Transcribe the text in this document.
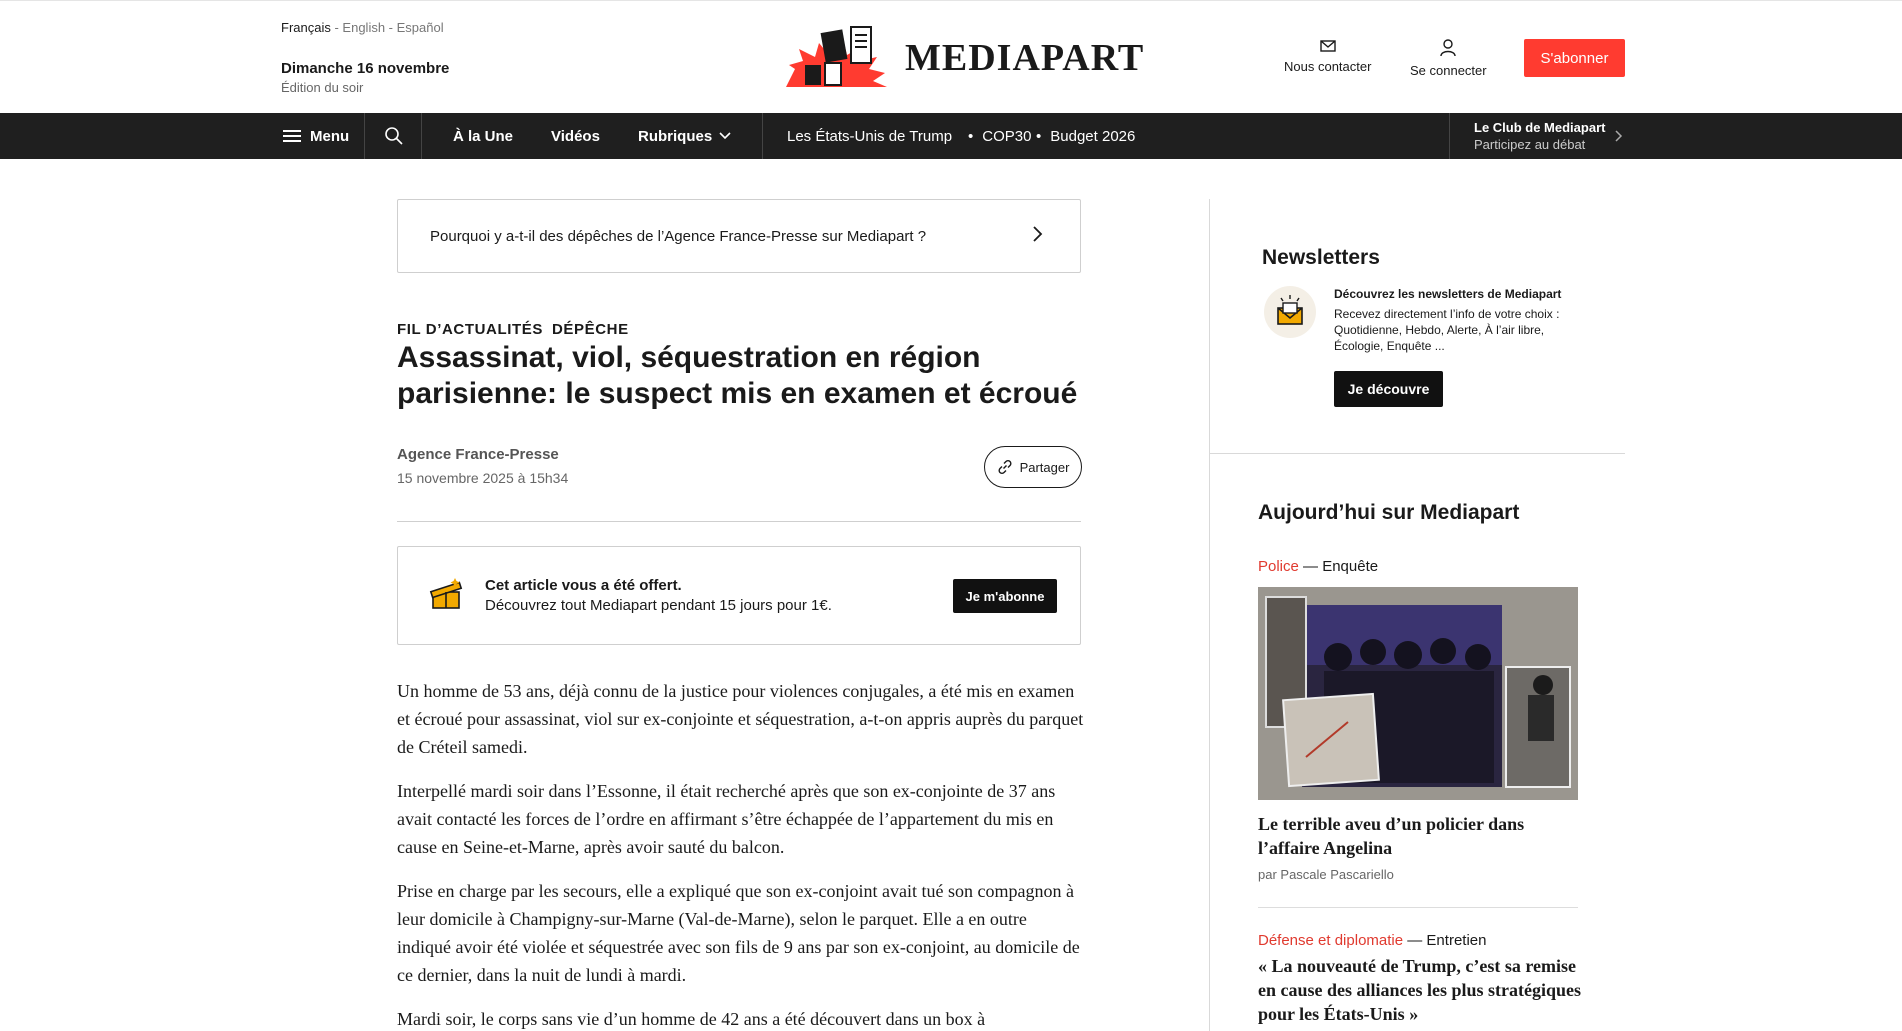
Français - English - Español
Dimanche 16 novembre
Édition du soir
MEDIAPART	Nous contacter	Se connecter
S'abonner
Menu	À la Une	Vidéos	Rubriques	Les États-Unis de Trump • COP30 • Budget 2026	Le Club de Mediapart
Participez au débat
Pourquoi y a-t-il des dépêches de l’Agence France-Presse sur Mediapart ?
FIL D’ACTUALITÉS DÉPÊCHE
Assassinat, viol, séquestration en région parisienne: le suspect mis en examen et écroué
Agence France-Presse
15 novembre 2025 à 15h34
Partager
Cet article vous a été offert.
Découvrez tout Mediapart pendant 15 jours pour 1€.
Je m'abonne

Un homme de 53 ans, déjà connu de la justice pour violences conjugales, a été mis en examen et écroué pour assassinat, viol sur ex-conjointe et séquestration, a-t-on appris auprès du parquet de Créteil samedi.

Interpellé mardi soir dans l’Essonne, il était recherché après que son ex-conjointe de 37 ans avait contacté les forces de l’ordre en affirmant s’être échappée de l’appartement du mis en cause en Seine-et-Marne, après avoir sauté du balcon.

Prise en charge par les secours, elle a expliqué que son ex-conjoint avait tué son compagnon à leur domicile à Champigny-sur-Marne (Val-de-Marne), selon le parquet. Elle a en outre indiqué avoir été violée et séquestrée avec son fils de 9 ans par son ex-conjoint, au domicile de ce dernier, dans la nuit de lundi à mardi.

Mardi soir, le corps sans vie d’un homme de 42 ans a été découvert dans un box à

Newsletters
Découvrez les newsletters de Mediapart
Recevez directement l’info de votre choix : Quotidienne, Hebdo, Alerte, À l’air libre, Écologie, Enquête ...
Je découvre
Aujourd’hui sur Mediapart
Police — Enquête
Le terrible aveu d’un policier dans l’affaire Angelina
par Pascale Pascariello
Défense et diplomatie — Entretien
« La nouveauté de Trump, c’est sa remise en cause des alliances les plus stratégiques pour les États-Unis »
